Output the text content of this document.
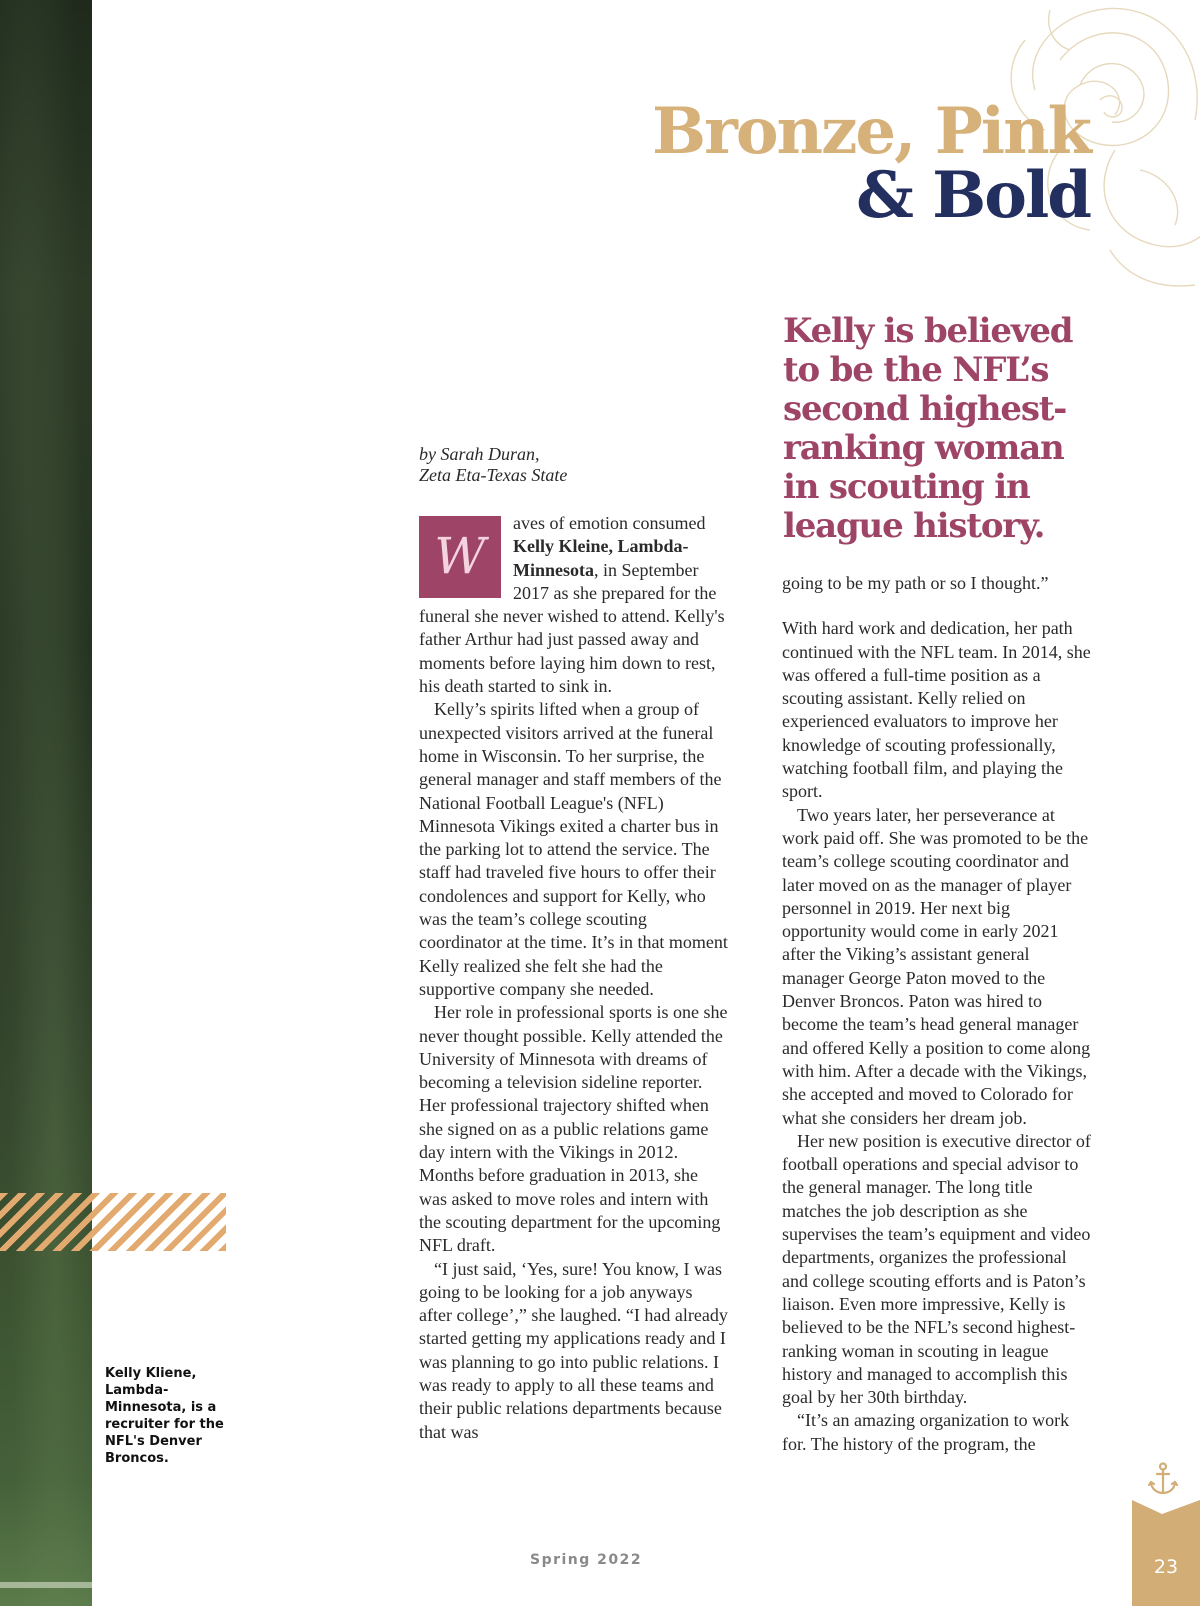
Bronze, Pink
& Bold
Kelly is believed to be the NFL’s second highest-ranking woman in scouting in league history.
by Sarah Duran,
Zeta Eta-Texas State

W
aves of emotion consumed Kelly Kleine, Lambda-Minnesota, in September 2017 as she prepared for the funeral she never wished to attend. Kelly's father Arthur had just passed away and moments before laying him down to rest, his death started to sink in.

Kelly’s spirits lifted when a group of unexpected visitors arrived at the funeral home in Wisconsin. To her surprise, the general manager and staff members of the National Football League's (NFL) Minnesota Vikings exited a charter bus in the parking lot to attend the service. The staff had traveled five hours to offer their condolences and support for Kelly, who was the team’s college scouting coordinator at the time. It’s in that moment Kelly realized she felt she had the supportive company she needed.

Her role in professional sports is one she never thought possible. Kelly attended the University of Minnesota with dreams of becoming a television sideline reporter. Her professional trajectory shifted when she signed on as a public relations game day intern with the Vikings in 2012. Months before graduation in 2013, she was asked to move roles and intern with the scouting department for the upcoming NFL draft.

“I just said, ‘Yes, sure! You know, I was going to be looking for a job anyways after college’,” she laughed. “I had already started getting my applications ready and I was planning to go into public relations. I was ready to apply to all these teams and their public relations departments because that was

going to be my path or so I thought.”

With hard work and dedication, her path continued with the NFL team. In 2014, she was offered a full-time position as a scouting assistant. Kelly relied on experienced evaluators to improve her knowledge of scouting professionally, watching football film, and playing the sport.

Two years later, her perseverance at work paid off. She was promoted to be the team’s college scouting coordinator and later moved on as the manager of player personnel in 2019. Her next big opportunity would come in early 2021 after the Viking’s assistant general manager George Paton moved to the Denver Broncos. Paton was hired to become the team’s head general manager and offered Kelly a position to come along with him. After a decade with the Vikings, she accepted and moved to Colorado for what she considers her dream job.

Her new position is executive director of football operations and special advisor to the general manager. The long title matches the job description as she supervises the team’s equipment and video departments, organizes the professional and college scouting efforts and is Paton’s liaison. Even more impressive, Kelly is believed to be the NFL’s second highest-ranking woman in scouting in league history and managed to accomplish this goal by her 30th birthday.

“It’s an amazing organization to work for. The history of the program, the

Kelly Kliene, Lambda-Minnesota, is a recruiter for the NFL's Denver Broncos.
Spring 2022	23
